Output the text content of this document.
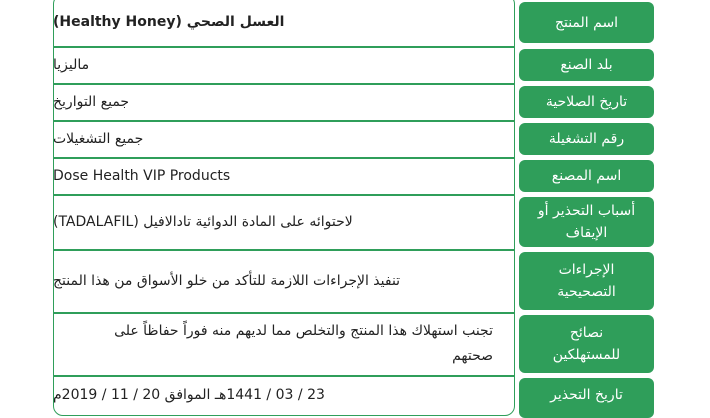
اسم المنتج
العسل الصحي (Healthy Honey)
بلد الصنع
ماليزيا
تاريخ الصلاحية
جميع التواريخ
رقم التشغيلة
جميع التشغيلات
اسم المصنع
Dose Health VIP Products
أسباب التحذير أو الإيقاف
لاحتوائه على المادة الدوائية تادالافيل (TADALAFIL)
الإجراءات التصحيحية
تنفيذ الإجراءات اللازمة للتأكد من خلو الأسواق من هذا المنتج
نصائح للمستهلكين
تجنب استهلاك هذا المنتج والتخلص مما لديهم منه فوراً حفاظاً على صحتهم
تاريخ التحذير
23 / 03 / 1441هـ الموافق 20 / 11 / 2019م
